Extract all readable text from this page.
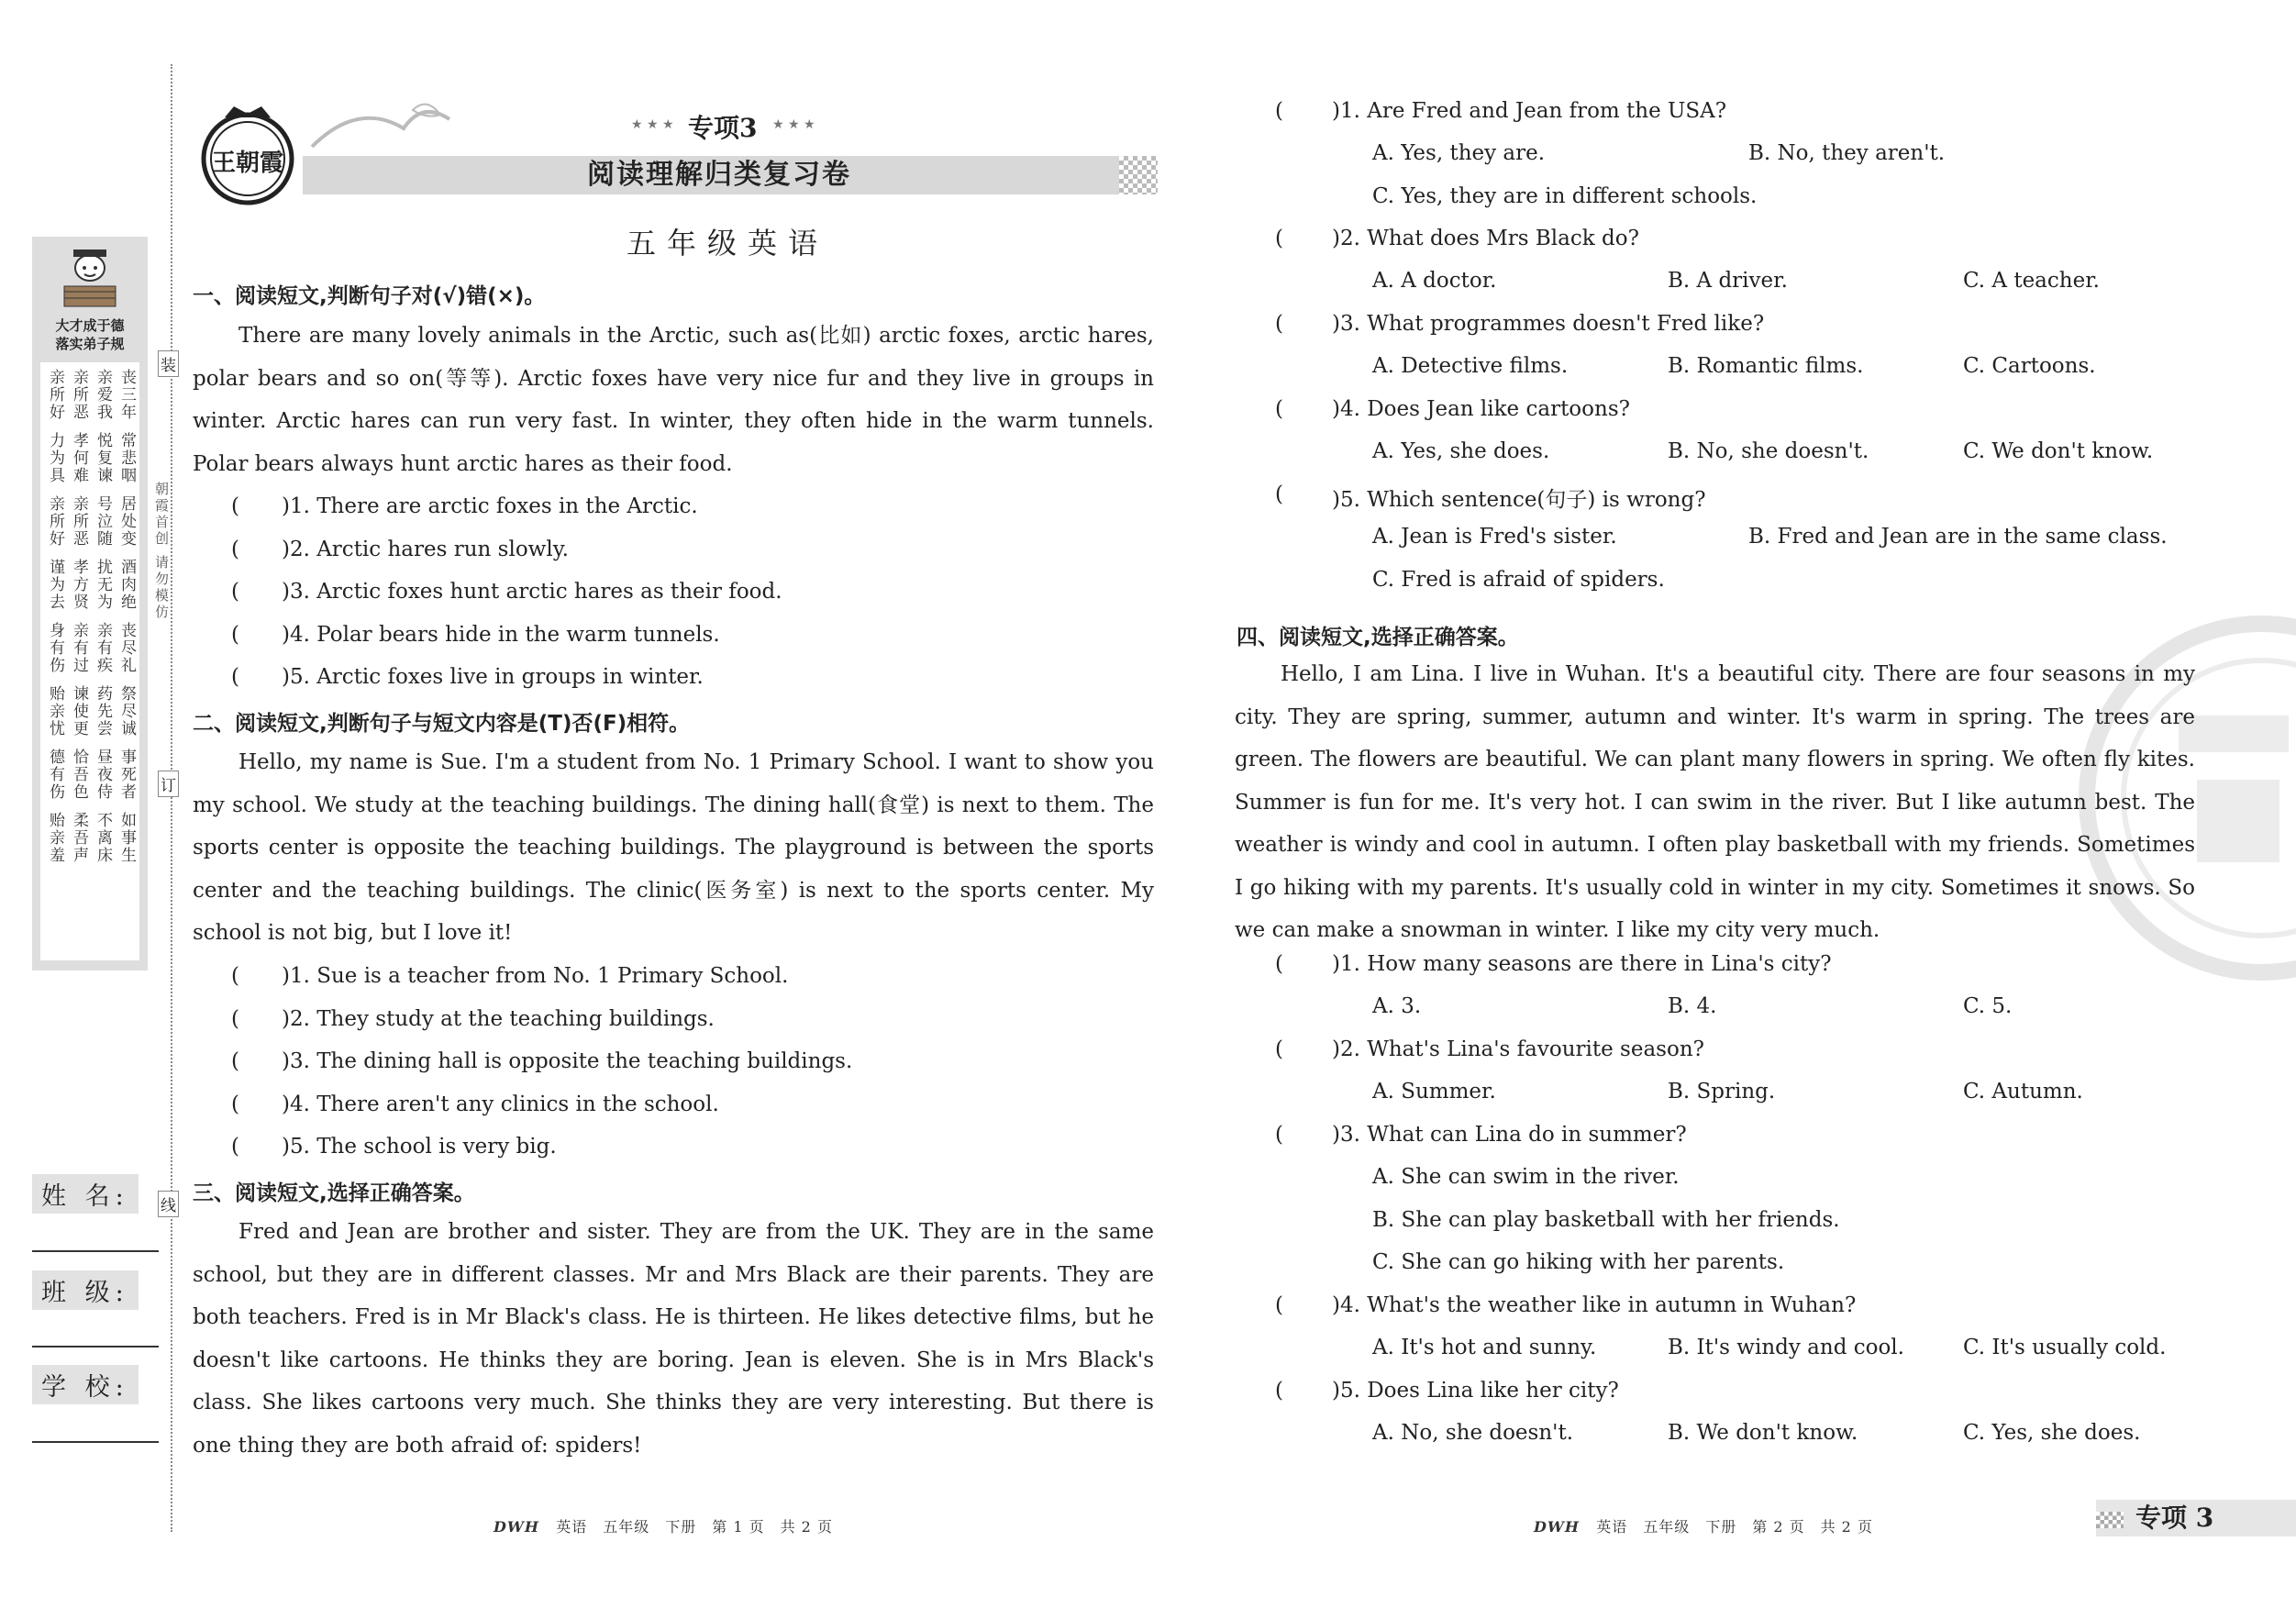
大才成于德
落实弟子规
亲所好 亲所恶 亲爱我 丧三年
力为具 孝何难 悦复谏 常悲咽
亲所好 亲所恶 号泣随 居处变
谨为去 孝方贤 扰无为 酒肉绝
身有伤 亲有过 亲有疾 丧尽礼
贻亲忧 谏使更 药先尝 祭尽诚
德有伤 恰吾色 昼夜侍 事死者
贻亲羞 柔吾声 不离床 如事生
朝霞首创 请勿模仿
装
订
线
姓 名:
班 级:
学 校:
王朝霞
★ ★ ★ 专项3 ★ ★ ★
阅读理解归类复习卷
五年级英语
一、阅读短文,判断句子对(√)错(×)。
There are many lovely animals in the Arctic, such as(比如) arctic foxes, arctic hares, polar bears and so on(等等). Arctic foxes have very nice fur and they live in groups in winter. Arctic hares can run very fast. In winter, they often hide in the warm tunnels. Polar bears always hunt arctic hares as their food.
(　　)1. There are arctic foxes in the Arctic.
(　　)2. Arctic hares run slowly.
(　　)3. Arctic foxes hunt arctic hares as their food.
(　　)4. Polar bears hide in the warm tunnels.
(　　)5. Arctic foxes live in groups in winter.
二、阅读短文,判断句子与短文内容是(T)否(F)相符。
Hello, my name is Sue. I'm a student from No. 1 Primary School. I want to show you my school. We study at the teaching buildings. The dining hall(食堂) is next to them. The sports center is opposite the teaching buildings. The playground is between the sports center and the teaching buildings. The clinic(医务室) is next to the sports center. My school is not big, but I love it!
(　　)1. Sue is a teacher from No. 1 Primary School.
(　　)2. They study at the teaching buildings.
(　　)3. The dining hall is opposite the teaching buildings.
(　　)4. There aren't any clinics in the school.
(　　)5. The school is very big.
三、阅读短文,选择正确答案。
Fred and Jean are brother and sister. They are from the UK. They are in the same school, but they are in different classes. Mr and Mrs Black are their parents. They are both teachers. Fred is in Mr Black's class. He is thirteen. He likes detective films, but he doesn't like cartoons. He thinks they are boring. Jean is eleven. She is in Mrs Black's class. She likes cartoons very much. She thinks they are very interesting. But there is one thing they are both afraid of: spiders!
DWH 英语　五年级　下册　第 1 页　共 2 页
( )1. Are Fred and Jean from the USA?
A. Yes, they are.	B. No, they aren't.
C. Yes, they are in different schools.
( )2. What does Mrs Black do?
A. A doctor.	B. A driver.	C. A teacher.
( )3. What programmes doesn't Fred like?
A. Detective films.	B. Romantic films.	C. Cartoons.
( )4. Does Jean like cartoons?
A. Yes, she does.	B. No, she doesn't.	C. We don't know.
( )5. Which sentence(句子) is wrong?
A. Jean is Fred's sister.	B. Fred and Jean are in the same class.
C. Fred is afraid of spiders.
四、阅读短文,选择正确答案。
Hello, I am Lina. I live in Wuhan. It's a beautiful city. There are four seasons in my city. They are spring, summer, autumn and winter. It's warm in spring. The trees are green. The flowers are beautiful. We can plant many flowers in spring. We often fly kites. Summer is fun for me. It's very hot. I can swim in the river. But I like autumn best. The weather is windy and cool in autumn. I often play basketball with my friends. Sometimes I go hiking with my parents. It's usually cold in winter in my city. Sometimes it snows. So we can make a snowman in winter. I like my city very much.
( )1. How many seasons are there in Lina's city?
A. 3.	B. 4.	C. 5.
( )2. What's Lina's favourite season?
A. Summer.	B. Spring.	C. Autumn.
( )3. What can Lina do in summer?
A. She can swim in the river.
B. She can play basketball with her friends.
C. She can go hiking with her parents.
( )4. What's the weather like in autumn in Wuhan?
A. It's hot and sunny.	B. It's windy and cool.	C. It's usually cold.
( )5. Does Lina like her city?
A. No, she doesn't.	B. We don't know.	C. Yes, she does.
DWH 英语　五年级　下册　第 2 页　共 2 页	专项 3
